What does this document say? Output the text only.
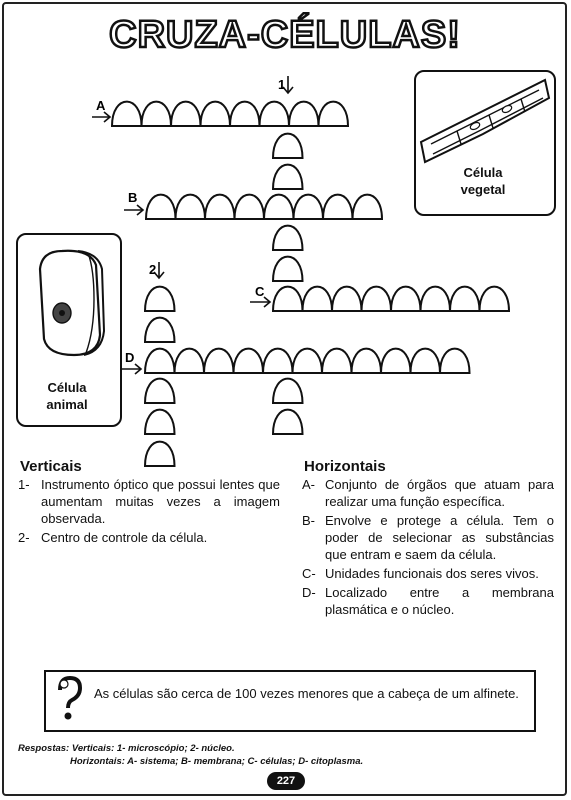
CRUZA-CÉLULAS!
A
1
B
2
C
D
Célula
vegetal
Célula
animal
Verticais
1- Instrumento óptico que possui lentes que aumentam muitas vezes a imagem observada.
2- Centro de controle da célula.
Horizontais
A- Conjunto de órgãos que atuam para realizar uma função específica.
B- Envolve e protege a célula. Tem o poder de selecionar as substâncias que entram e saem da célula.
C- Unidades funcionais dos seres vivos.
D- Localizado entre a membrana plasmática e o núcleo.
As células são cerca de 100 vezes menores que a cabeça de um alfinete.
Respostas: Verticais: 1- microscópio; 2- núcleo.
Horizontais: A- sistema; B- membrana; C- células; D- citoplasma.
227
